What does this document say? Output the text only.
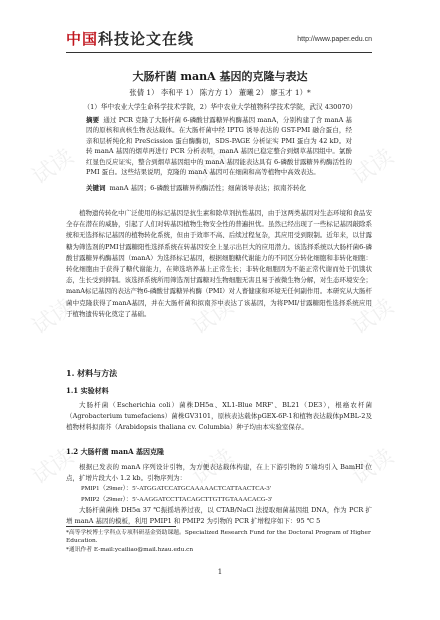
中国科技论文在线	http://www.paper.edu.cn
大肠杆菌 manA 基因的克隆与表达
张倩 1） 李和平 1） 陈方方 1） 董曦 2） 廖玉才 1）*
（1）华中农业大学生命科学技术学院，2）华中农业大学植物科学技术学院，武汉 430070）
摘要 通过 PCR 克隆了大肠杆菌 6-磷酸甘露糖异构酶基因 manA，分别构建了含 manA 基因的原核和真核生物表达载体。在大肠杆菌中经 IPTG 诱导表达的 GST-PMI 融合蛋白，经亲和层析纯化和 PreScission 蛋白酶酶切，SDS-PAGE 分析证实 PMI 蛋白为 42 kD。对转 manA 基因的烟草再进行 PCR 分析表明，manA 基因已稳定整合到烟草基因组中。氯酚红显色反应证实，整合到烟草基因组中的 manA 基因能表达具有 6-磷酸甘露糖异构酶活性的 PMI 蛋白。这些结果说明，克隆的 manA 基因可在细菌和高等植物中高效表达。
关键词 manA 基因；6-磷酸甘露糖异构酶活性；细菌诱导表达；拟南芥转化

植物遗传转化中广泛使用的标记基因是抗生素和除草剂抗性基因，由于这两类基因对生态环境和食品安全存在潜在的威胁，引起了人们对转基因植物生物安全性的普遍担忧。虽然已经出现了一些标记基因敲除系统和无选择标记基因的植物转化系统，但由于效率不高、后续过程复杂，其应用受到限制。近年来，以甘露糖为筛选剂的PMI甘露糖阳性选择系统在转基因安全上显示出巨大的应用潜力。该选择系统以大肠杆菌6-磷酸甘露糖异构酶基因（manA）为选择标记基因，根据细胞糖代谢能力的不同区分转化细胞和非转化细胞：转化细胞由于获得了糖代谢能力，在筛选培养基上正常生长；非转化细胞因为不能正常代谢而处于饥饿状态，生长受到抑制。该选择系统所用筛选剂甘露糖对生物细胞无害且易于被微生物分解，对生态环境安全；manA标记基因的表达产物6-磷酸甘露糖异构酶（PMI）对人畜健康和环境无任何副作用。本研究从大肠杆菌中克隆获得了manA基因，并在大肠杆菌和拟南芥中表达了该基因，为将PMI/甘露糖阳性选择系统应用于植物遗传转化奠定了基础。

1. 材料与方法
1.1 实验材料

大肠杆菌（Escherichia coli）菌株DH5α、XL1-Blue MRF'、BL21（DE3），根癌农杆菌（Agrobacterium tumefaciens）菌株GV3101，原核表达载体pGEX-6P-1和植物表达载体pMBL-2及植物材料拟南芥（Arabidopsis thaliana cv. Columbia）种子均由本实验室保存。

1.2 大肠杆菌 manA 基因克隆

根据已发表的 manA 序列设计引物，为方便表达载体构建，在上下游引物的 5′端均引入 BamHI 位点，扩增片段大小 1.2 kb。引物序列为：

PMIP1（29mer）：5′-ATGGATCCATGCAAAAACTCATTAACTCA-3′
PMIP2（29mer）：5′-AAGGATCCTTACAGCTTGTTGTAAACACG-3′

大肠杆菌菌株 DH5α 37 ℃振摇培养过夜，以 CTAB/NaCl 法提取细菌基因组 DNA，作为 PCR 扩增 manA 基因的模板，利用 PMIP1 和 PMIP2 为引物的 PCR 扩增程序如下：95 ℃ 5

*高等学校博士学科点专项科研基金资助课题。Specialized Research Fund for the Doctoral Program of Higher Education.
*通讯作者 E-mail:ycailiao@mail.hzau.edu.cn
1
试读	试读	试读
试读	试读	试读
试读	试读	试读
